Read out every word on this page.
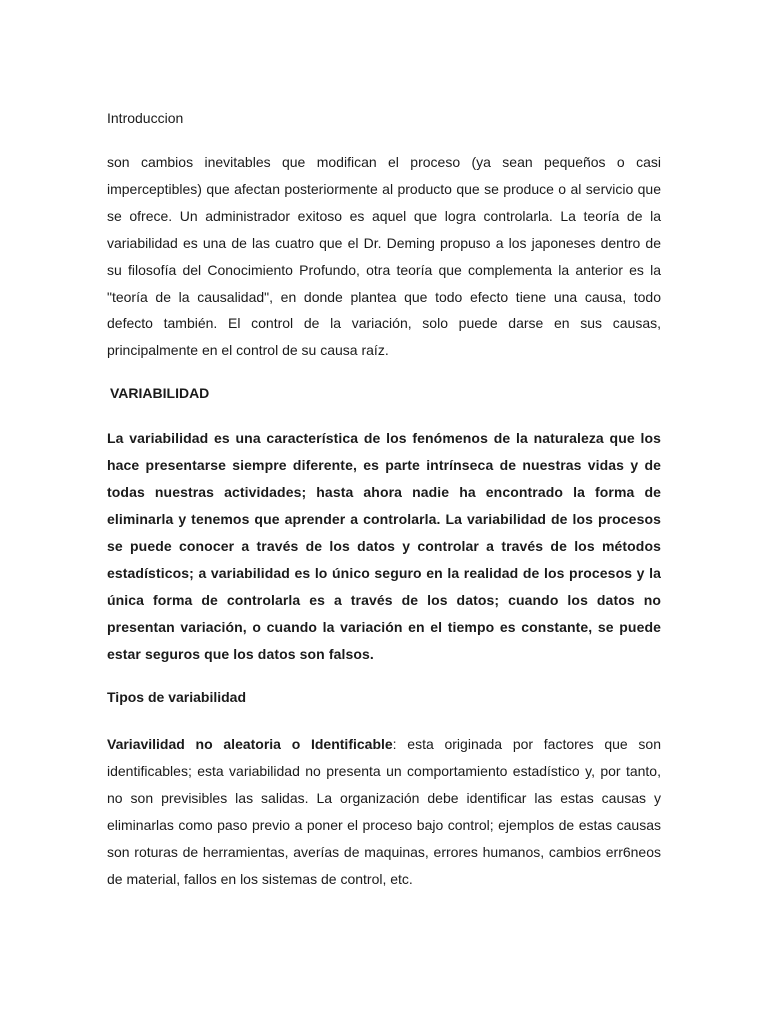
Introduccion

son cambios inevitables que modifican el proceso (ya sean pequeños o casi imperceptibles) que afectan posteriormente al producto que se produce o al servicio que se ofrece. Un administrador exitoso es aquel que logra controlarla. La teoría de la variabilidad es una de las cuatro que el Dr. Deming propuso a los japoneses dentro de su filosofía del Conocimiento Profundo, otra teoría que complementa la anterior es la "teoría de la causalidad", en donde plantea que todo efecto tiene una causa, todo defecto también. El control de la variación, solo puede darse en sus causas, principalmente en el control de su causa raíz.

VARIABILIDAD

La variabilidad es una característica de los fenómenos de la naturaleza que los hace presentarse siempre diferente, es parte intrínseca de nuestras vidas y de todas nuestras actividades; hasta ahora nadie ha encontrado la forma de eliminarla y tenemos que aprender a controlarla. La variabilidad de los procesos se puede conocer a través de los datos y controlar a través de los métodos estadísticos; a variabilidad es lo único seguro en la realidad de los procesos y la única forma de controlarla es a través de los datos; cuando los datos no presentan variación, o cuando la variación en el tiempo es constante, se puede estar seguros que los datos son falsos.

Tipos de variabilidad

Variavilidad no aleatoria o Identificable: esta originada por factores que son identificables; esta variabilidad no presenta un comportamiento estadístico y, por tanto, no son previsibles las salidas. La organización debe identificar las estas causas y eliminarlas como paso previo a poner el proceso bajo control; ejemplos de estas causas son roturas de herramientas, averías de maquinas, errores humanos, cambios err6neos de material, fallos en los sistemas de control, etc.
